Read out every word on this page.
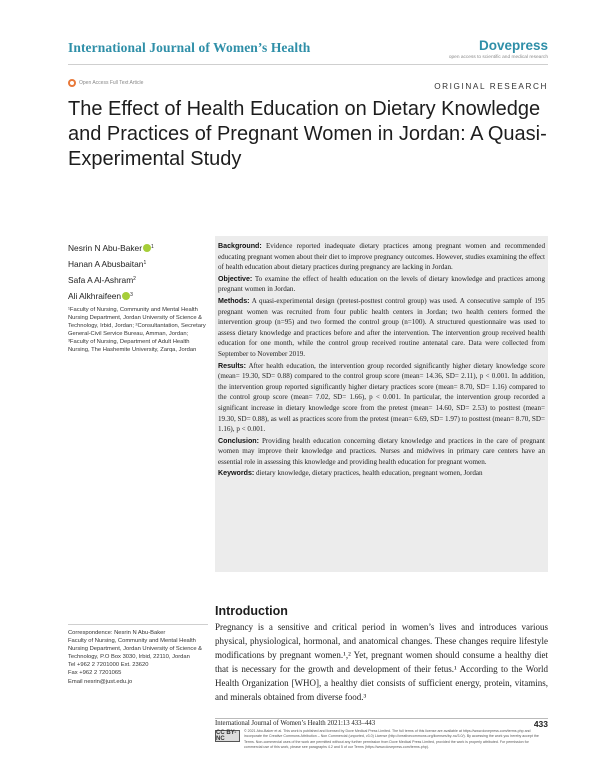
International Journal of Women’s Health	Dovepress
open access to scientific and medical research
Open Access Full Text Article	ORIGINAL RESEARCH
The Effect of Health Education on Dietary Knowledge and Practices of Pregnant Women in Jordan: A Quasi-Experimental Study
Nesrin N Abu-Baker $^1$
Hanan A Abusbaitan$^1$
Safa A Al-Ashram$^2$
Ali Alkhraifeen $^3$
¹Faculty of Nursing, Community and Mental Health Nursing Department, Jordan University of Science & Technology, Irbid, Jordan; ²Consultantation, Secretary General-Civil Service Bureau, Amman, Jordan; ³Faculty of Nursing, Department of Adult Health Nursing, The Hashemite University, Zarqa, Jordan

Background: Evidence reported inadequate dietary practices among pregnant women and recommended educating pregnant women about their diet to improve pregnancy outcomes. However, studies examining the effect of health education about dietary practices during pregnancy are lacking in Jordan.

Objective: To examine the effect of health education on the levels of dietary knowledge and practices among pregnant women in Jordan.

Methods: A quasi-experimental design (pretest-posttest control group) was used. A consecutive sample of 195 pregnant women was recruited from four public health centers in Jordan; two health centers formed the intervention group (n=95) and two formed the control group (n=100). A structured questionnaire was used to assess dietary knowledge and practices before and after the intervention. The intervention group received health education for one month, while the control group received routine antenatal care. Data were collected from September to November 2019.

Results: After health education, the intervention group recorded significantly higher dietary knowledge score (mean= 19.30, SD= 0.88) compared to the control group score (mean= 14.36, SD= 2.11), p < 0.001. In addition, the intervention group reported significantly higher dietary practices score (mean= 8.70, SD= 1.16) compared to the control group score (mean= 7.02, SD= 1.66), p < 0.001. In particular, the intervention group recorded a significant increase in dietary knowledge score from the pretest (mean= 14.60, SD= 2.53) to posttest (mean= 19.30, SD= 0.88), as well as practices score from the pretest (mean= 6.69, SD= 1.97) to posttest (mean= 8.70, SD= 1.16), p < 0.001.

Conclusion: Providing health education concerning dietary knowledge and practices in the care of pregnant women may improve their knowledge and practices. Nurses and midwives in primary care centers have an essential role in assessing this knowledge and providing health education for pregnant women.

Keywords: dietary knowledge, dietary practices, health education, pregnant women, Jordan

Introduction

Pregnancy is a sensitive and critical period in women’s lives and introduces various physical, physiological, hormonal, and anatomical changes. These changes require lifestyle modifications by pregnant women.¹,² Yet, pregnant women should consume a healthy diet that is necessary for the growth and development of their fetus.¹ According to the World Health Organization [WHO], a healthy diet consists of sufficient energy, protein, vitamins, and minerals obtained from diverse food.³

Correspondence: Nesrin N Abu-Baker
Faculty of Nursing, Community and Mental Health Nursing Department, Jordan University of Science & Technology, P.O Box 3030, Irbid, 22110, Jordan
Tel +962 2 7201000 Ext. 23620
Fax +962 2 7201065
Email nesrin@just.edu.jo
International Journal of Women’s Health 2021:13 433–443	433
CC BY-NC
© 2021 Abu-Baker et al. This work is published and licensed by Dove Medical Press Limited. The full terms of this license are available at https://www.dovepress.com/terms.php and incorporate the Creative Commons Attribution – Non Commercial (unported, v3.0) License (http://creativecommons.org/licenses/by-nc/3.0/). By accessing the work you hereby accept the Terms. Non-commercial uses of the work are permitted without any further permission from Dove Medical Press Limited, provided the work is properly attributed. For permission for commercial use of this work, please see paragraphs 4.2 and 5 of our Terms (https://www.dovepress.com/terms.php).
